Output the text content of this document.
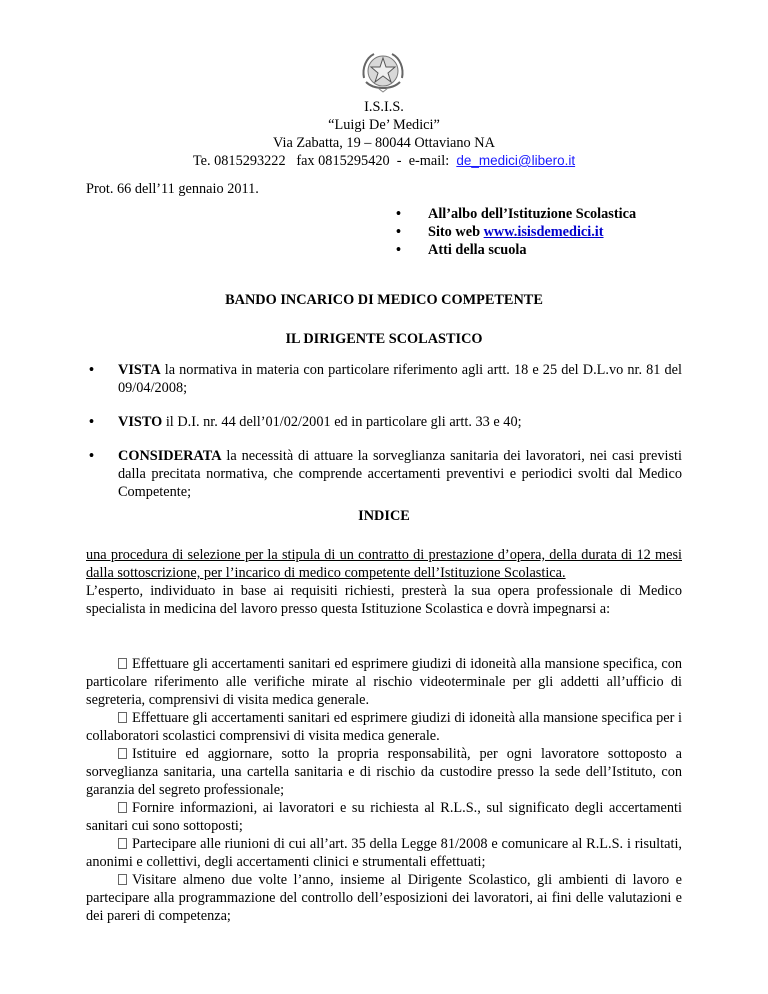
I.S.I.S.
“Luigi De’ Medici”
Via Zabatta, 19 – 80044 Ottaviano NA
Te. 0815293222   fax 0815295420  -  e-mail: de_medici@libero.it
Prot. 66 dell’11 gennaio 2011.
• All’albo dell’Istituzione Scolastica
• Sito web www.isisdemedici.it
• Atti della scuola
BANDO INCARICO DI MEDICO COMPETENTE
IL DIRIGENTE SCOLASTICO
• VISTA la normativa in materia con particolare riferimento agli artt. 18 e 25 del D.L.vo nr. 81 del 09/04/2008;
• VISTO il D.I. nr. 44 dell’01/02/2001 ed in particolare gli artt. 33 e 40;
• CONSIDERATA la necessità di attuare la sorveglianza sanitaria dei lavoratori, nei casi previsti dalla precitata normativa, che comprende accertamenti preventivi e periodici svolti dal Medico Competente;
INDICE
una procedura di selezione per la stipula di un contratto di prestazione d’opera, della durata di 12 mesi dalla sottoscrizione, per l’incarico di medico competente dell’Istituzione Scolastica.
L’esperto, individuato in base ai requisiti richiesti, presterà la sua opera professionale di Medico specialista in medicina del lavoro presso questa Istituzione Scolastica e dovrà impegnarsi a:

Effettuare gli accertamenti sanitari ed esprimere giudizi di idoneità alla mansione specifica, con particolare riferimento alle verifiche mirate al rischio videoterminale per gli addetti all’ufficio di segreteria, comprensivi di visita medica generale.

Effettuare gli accertamenti sanitari ed esprimere giudizi di idoneità alla mansione specifica per i collaboratori scolastici comprensivi di visita medica generale.

Istituire ed aggiornare, sotto la propria responsabilità, per ogni lavoratore sottoposto a sorveglianza sanitaria, una cartella sanitaria e di rischio da custodire presso la sede dell’Istituto, con garanzia del segreto professionale;

Fornire informazioni, ai lavoratori e su richiesta al R.L.S., sul significato degli accertamenti sanitari cui sono sottoposti;

Partecipare alle riunioni di cui all’art. 35 della Legge 81/2008 e comunicare al R.L.S. i risultati, anonimi e collettivi, degli accertamenti clinici e strumentali effettuati;

Visitare almeno due volte l’anno, insieme al Dirigente Scolastico, gli ambienti di lavoro e partecipare alla programmazione del controllo dell’esposizioni dei lavoratori, ai fini delle valutazioni e dei pareri di competenza;
